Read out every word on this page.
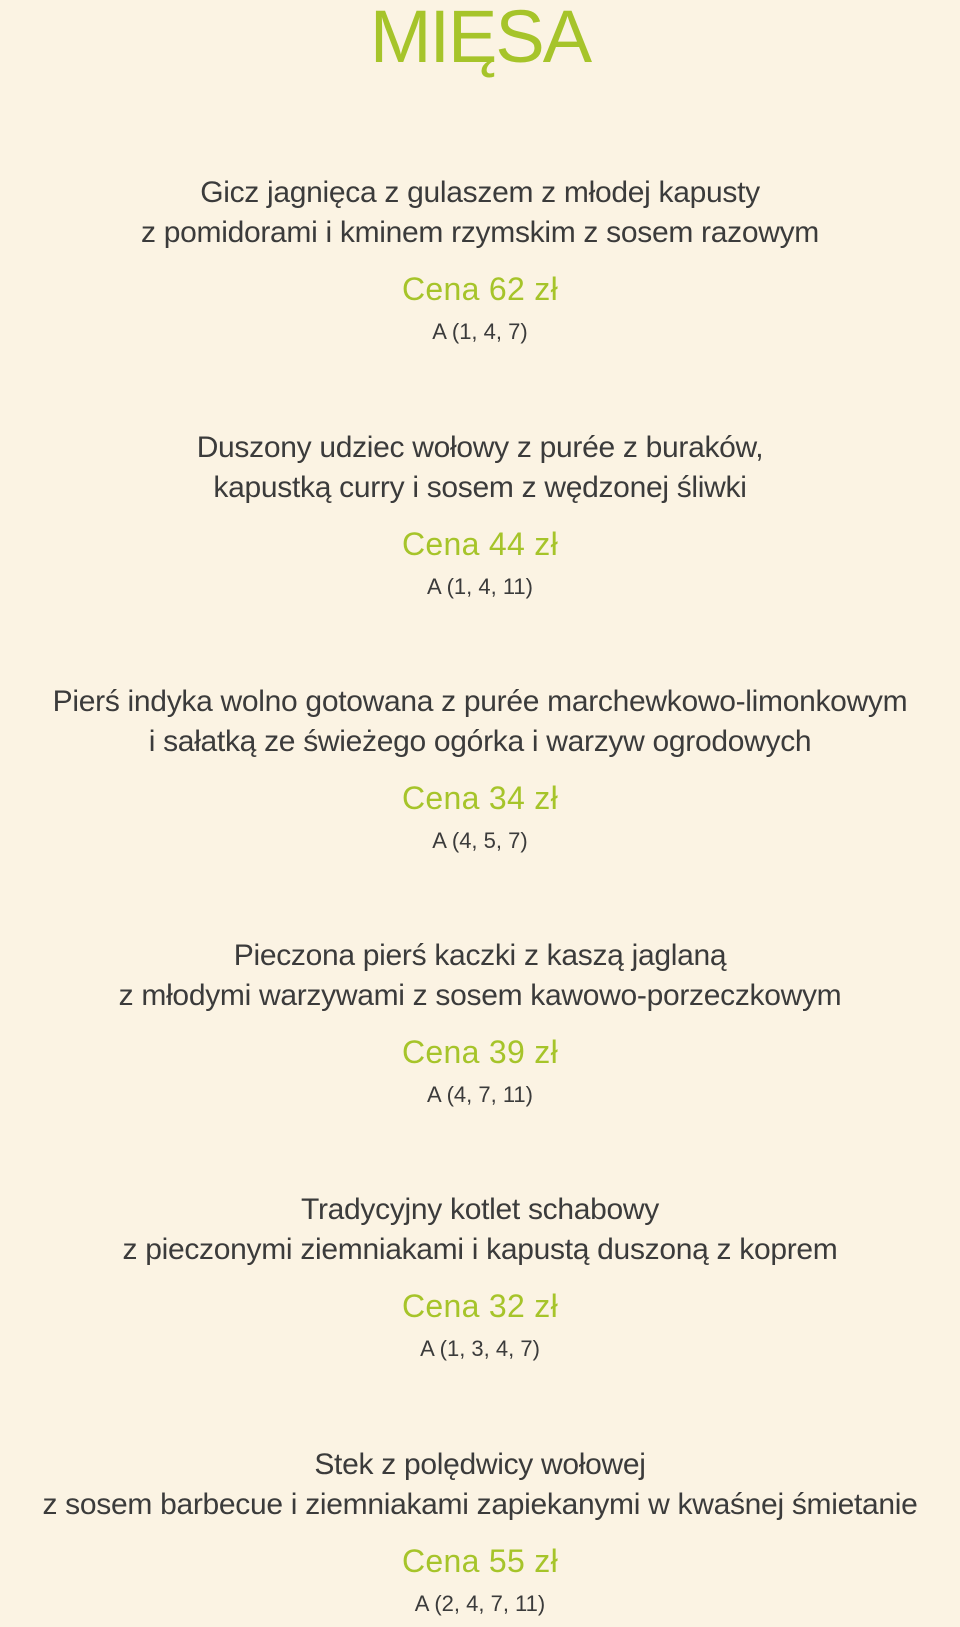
MIĘSA
Gicz jagnięca z gulaszem z młodej kapusty
z pomidorami i kminem rzymskim z sosem razowym
Cena 62 zł
A (1, 4, 7)
Duszony udziec wołowy z purée z buraków,
kapustką curry i sosem z wędzonej śliwki
Cena 44 zł
A (1, 4, 11)
Pierś indyka wolno gotowana z purée marchewkowo-limonkowym
i sałatką ze świeżego ogórka i warzyw ogrodowych
Cena 34 zł
A (4, 5, 7)
Pieczona pierś kaczki z kaszą jaglaną
z młodymi warzywami z sosem kawowo-porzeczkowym
Cena 39 zł
A (4, 7, 11)
Tradycyjny kotlet schabowy
z pieczonymi ziemniakami i kapustą duszoną z koprem
Cena 32 zł
A (1, 3, 4, 7)
Stek z polędwicy wołowej
z sosem barbecue i ziemniakami zapiekanymi w kwaśnej śmietanie
Cena 55 zł
A (2, 4, 7, 11)
